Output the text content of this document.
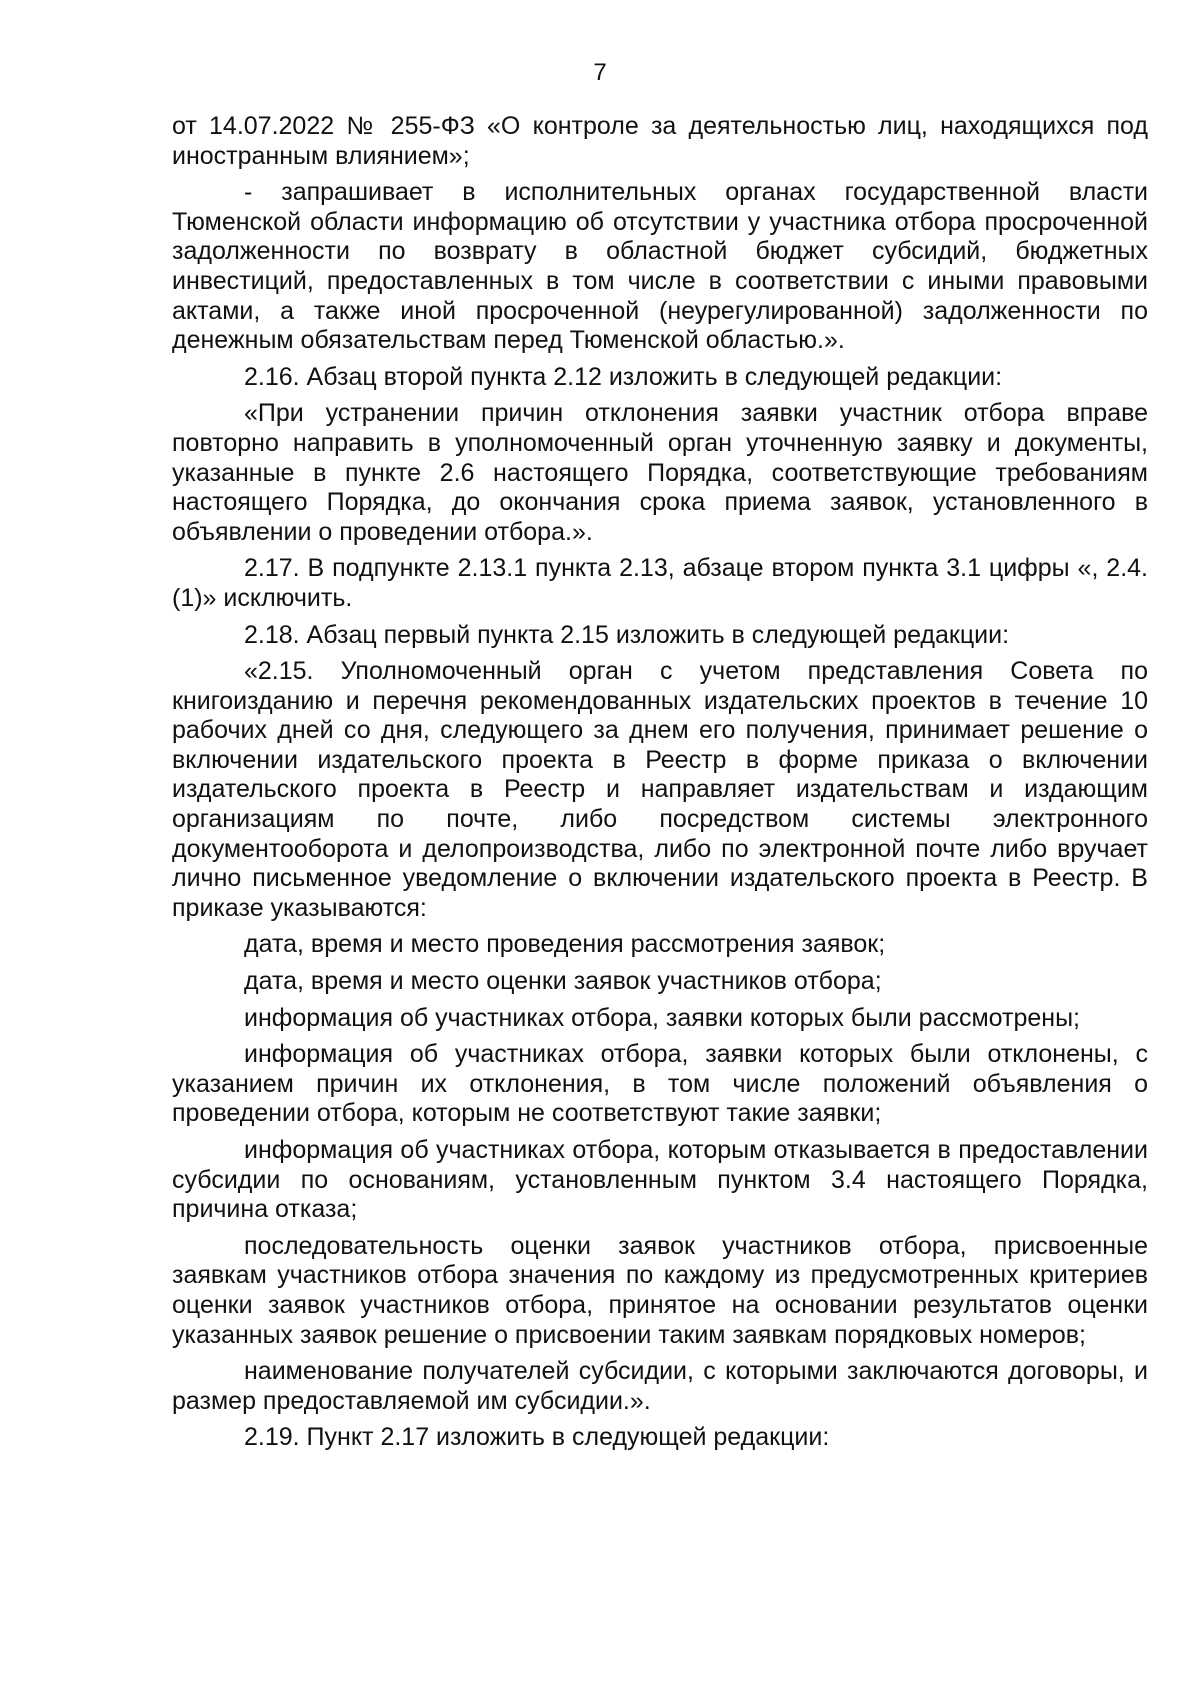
7

от 14.07.2022 № 255-ФЗ «О контроле за деятельностью лиц, находящихся под иностранным влиянием»;

- запрашивает в исполнительных органах государственной власти Тюменской области информацию об отсутствии у участника отбора просроченной задолженности по возврату в областной бюджет субсидий, бюджетных инвестиций, предоставленных в том числе в соответствии с иными правовыми актами, а также иной просроченной (неурегулированной) задолженности по денежным обязательствам перед Тюменской областью.».

2.16. Абзац второй пункта 2.12 изложить в следующей редакции:

«При устранении причин отклонения заявки участник отбора вправе повторно направить в уполномоченный орган уточненную заявку и документы, указанные в пункте 2.6 настоящего Порядка, соответствующие требованиям настоящего Порядка, до окончания срока приема заявок, установленного в объявлении о проведении отбора.».

2.17. В подпункте 2.13.1 пункта 2.13, абзаце втором пункта 3.1 цифры «, 2.4.(1)» исключить.

2.18. Абзац первый пункта 2.15 изложить в следующей редакции:

«2.15. Уполномоченный орган с учетом представления Совета по книгоизданию и перечня рекомендованных издательских проектов в течение 10 рабочих дней со дня, следующего за днем его получения, принимает решение о включении издательского проекта в Реестр в форме приказа о включении издательского проекта в Реестр и направляет издательствам и издающим организациям по почте, либо посредством системы электронного документооборота и делопроизводства, либо по электронной почте либо вручает лично письменное уведомление о включении издательского проекта в Реестр. В приказе указываются:

дата, время и место проведения рассмотрения заявок;

дата, время и место оценки заявок участников отбора;

информация об участниках отбора, заявки которых были рассмотрены;

информация об участниках отбора, заявки которых были отклонены, с указанием причин их отклонения, в том числе положений объявления о проведении отбора, которым не соответствуют такие заявки;

информация об участниках отбора, которым отказывается в предоставлении субсидии по основаниям, установленным пунктом 3.4 настоящего Порядка, причина отказа;

последовательность оценки заявок участников отбора, присвоенные заявкам участников отбора значения по каждому из предусмотренных критериев оценки заявок участников отбора, принятое на основании результатов оценки указанных заявок решение о присвоении таким заявкам порядковых номеров;

наименование получателей субсидии, с которыми заключаются договоры, и размер предоставляемой им субсидии.».

2.19. Пункт 2.17 изложить в следующей редакции:
